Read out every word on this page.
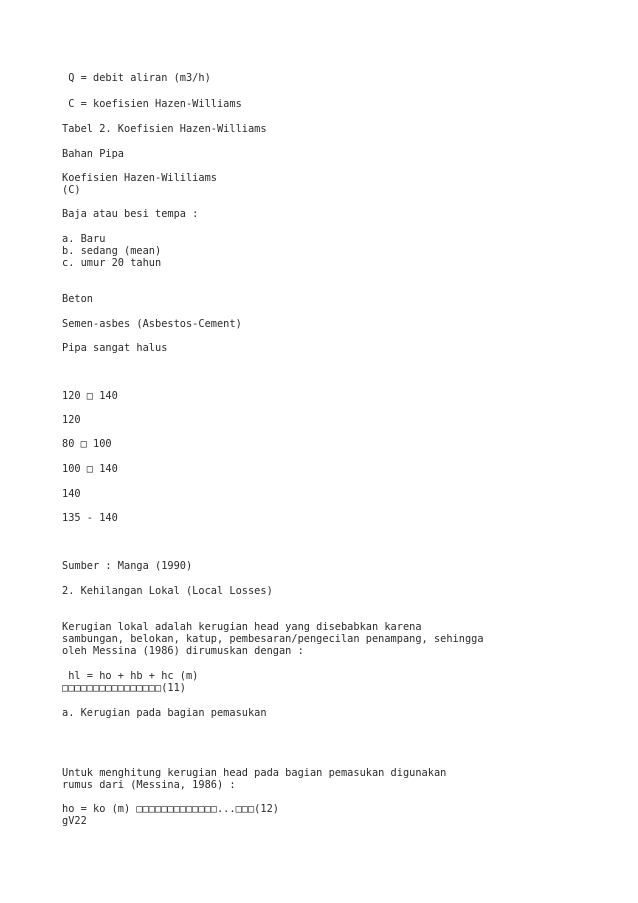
Q = debit aliran (m3/h)
C = koefisien Hazen-Williams
Tabel 2. Koefisien Hazen-Williams
Bahan Pipa
Koefisien Hazen-Wililiams
(C)
Baja atau besi tempa :
a. Baru
b. sedang (mean)
c. umur 20 tahun
Beton
Semen-asbes (Asbestos-Cement)
Pipa sangat halus
120 □ 140
120
80 □ 100
100 □ 140
140
135 - 140
Sumber : Manga (1990)
2. Kehilangan Lokal (Local Losses)
Kerugian lokal adalah kerugian head yang disebabkan karena
sambungan, belokan, katup, pembesaran/pengecilan penampang, sehingga
oleh Messina (1986) dirumuskan dengan :
hl = ho + hb + hc (m)
□□□□□□□□□□□□□□□□(11)
a. Kerugian pada bagian pemasukan
Untuk menghitung kerugian head pada bagian pemasukan digunakan
rumus dari (Messina, 1986) :
ho = ko (m) □□□□□□□□□□□□□...□□□(12)
gV22
